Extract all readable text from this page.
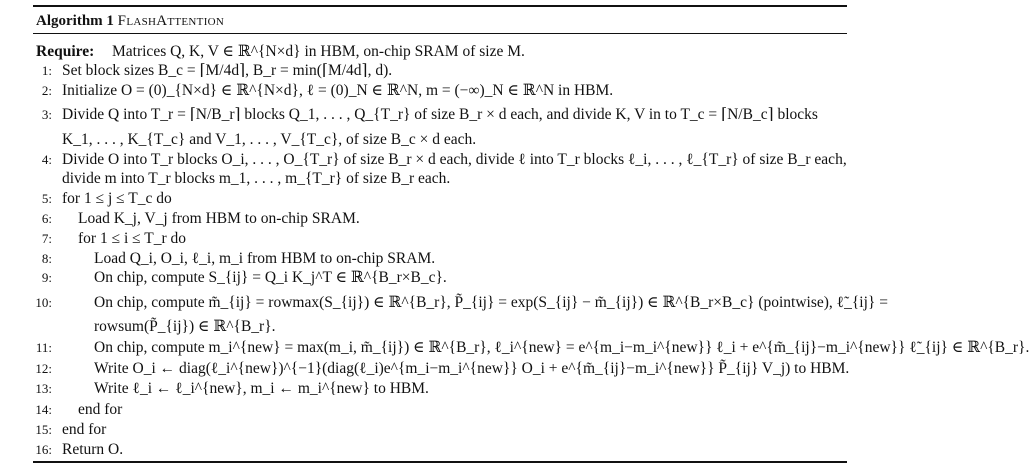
Algorithm 1 FlashAttention
Require: Matrices Q, K, V ∈ ℝ^{N×d} in HBM, on-chip SRAM of size M.
1: Set block sizes B_c = ⌈M/4d⌉, B_r = min(⌈M/4d⌉, d).
2: Initialize O = (0)_{N×d} ∈ ℝ^{N×d}, ℓ = (0)_N ∈ ℝ^N, m = (−∞)_N ∈ ℝ^N in HBM.
3: Divide Q into T_r = ⌈N/B_r⌉ blocks Q_1, . . . , Q_{T_r} of size B_r × d each, and divide K, V in to T_c = ⌈N/B_c⌉ blocks
K_1, . . . , K_{T_c} and V_1, . . . , V_{T_c}, of size B_c × d each.
4: Divide O into T_r blocks O_i, . . . , O_{T_r} of size B_r × d each, divide ℓ into T_r blocks ℓ_i, . . . , ℓ_{T_r} of size B_r each,
divide m into T_r blocks m_1, . . . , m_{T_r} of size B_r each.
5: for 1 ≤ j ≤ T_c do
6: Load K_j, V_j from HBM to on-chip SRAM.
7: for 1 ≤ i ≤ T_r do
8:	Load Q_i, O_i, ℓ_i, m_i from HBM to on-chip SRAM.
9:	On chip, compute S_{ij} = Q_i K_j^T ∈ ℝ^{B_r×B_c}.
10:	On chip, compute m̃_{ij} = rowmax(S_{ij}) ∈ ℝ^{B_r}, P̃_{ij} = exp(S_{ij} − m̃_{ij}) ∈ ℝ^{B_r×B_c} (pointwise), ℓ̃_{ij} =
rowsum(P̃_{ij}) ∈ ℝ^{B_r}.
11:	On chip, compute m_i^{new} = max(m_i, m̃_{ij}) ∈ ℝ^{B_r}, ℓ_i^{new} = e^{m_i−m_i^{new}} ℓ_i + e^{m̃_{ij}−m_i^{new}} ℓ̃_{ij} ∈ ℝ^{B_r}.
12:	Write O_i ← diag(ℓ_i^{new})^{−1}(diag(ℓ_i)e^{m_i−m_i^{new}} O_i + e^{m̃_{ij}−m_i^{new}} P̃_{ij} V_j) to HBM.
13:	Write ℓ_i ← ℓ_i^{new}, m_i ← m_i^{new} to HBM.
14: end for
15: end for
16: Return O.
